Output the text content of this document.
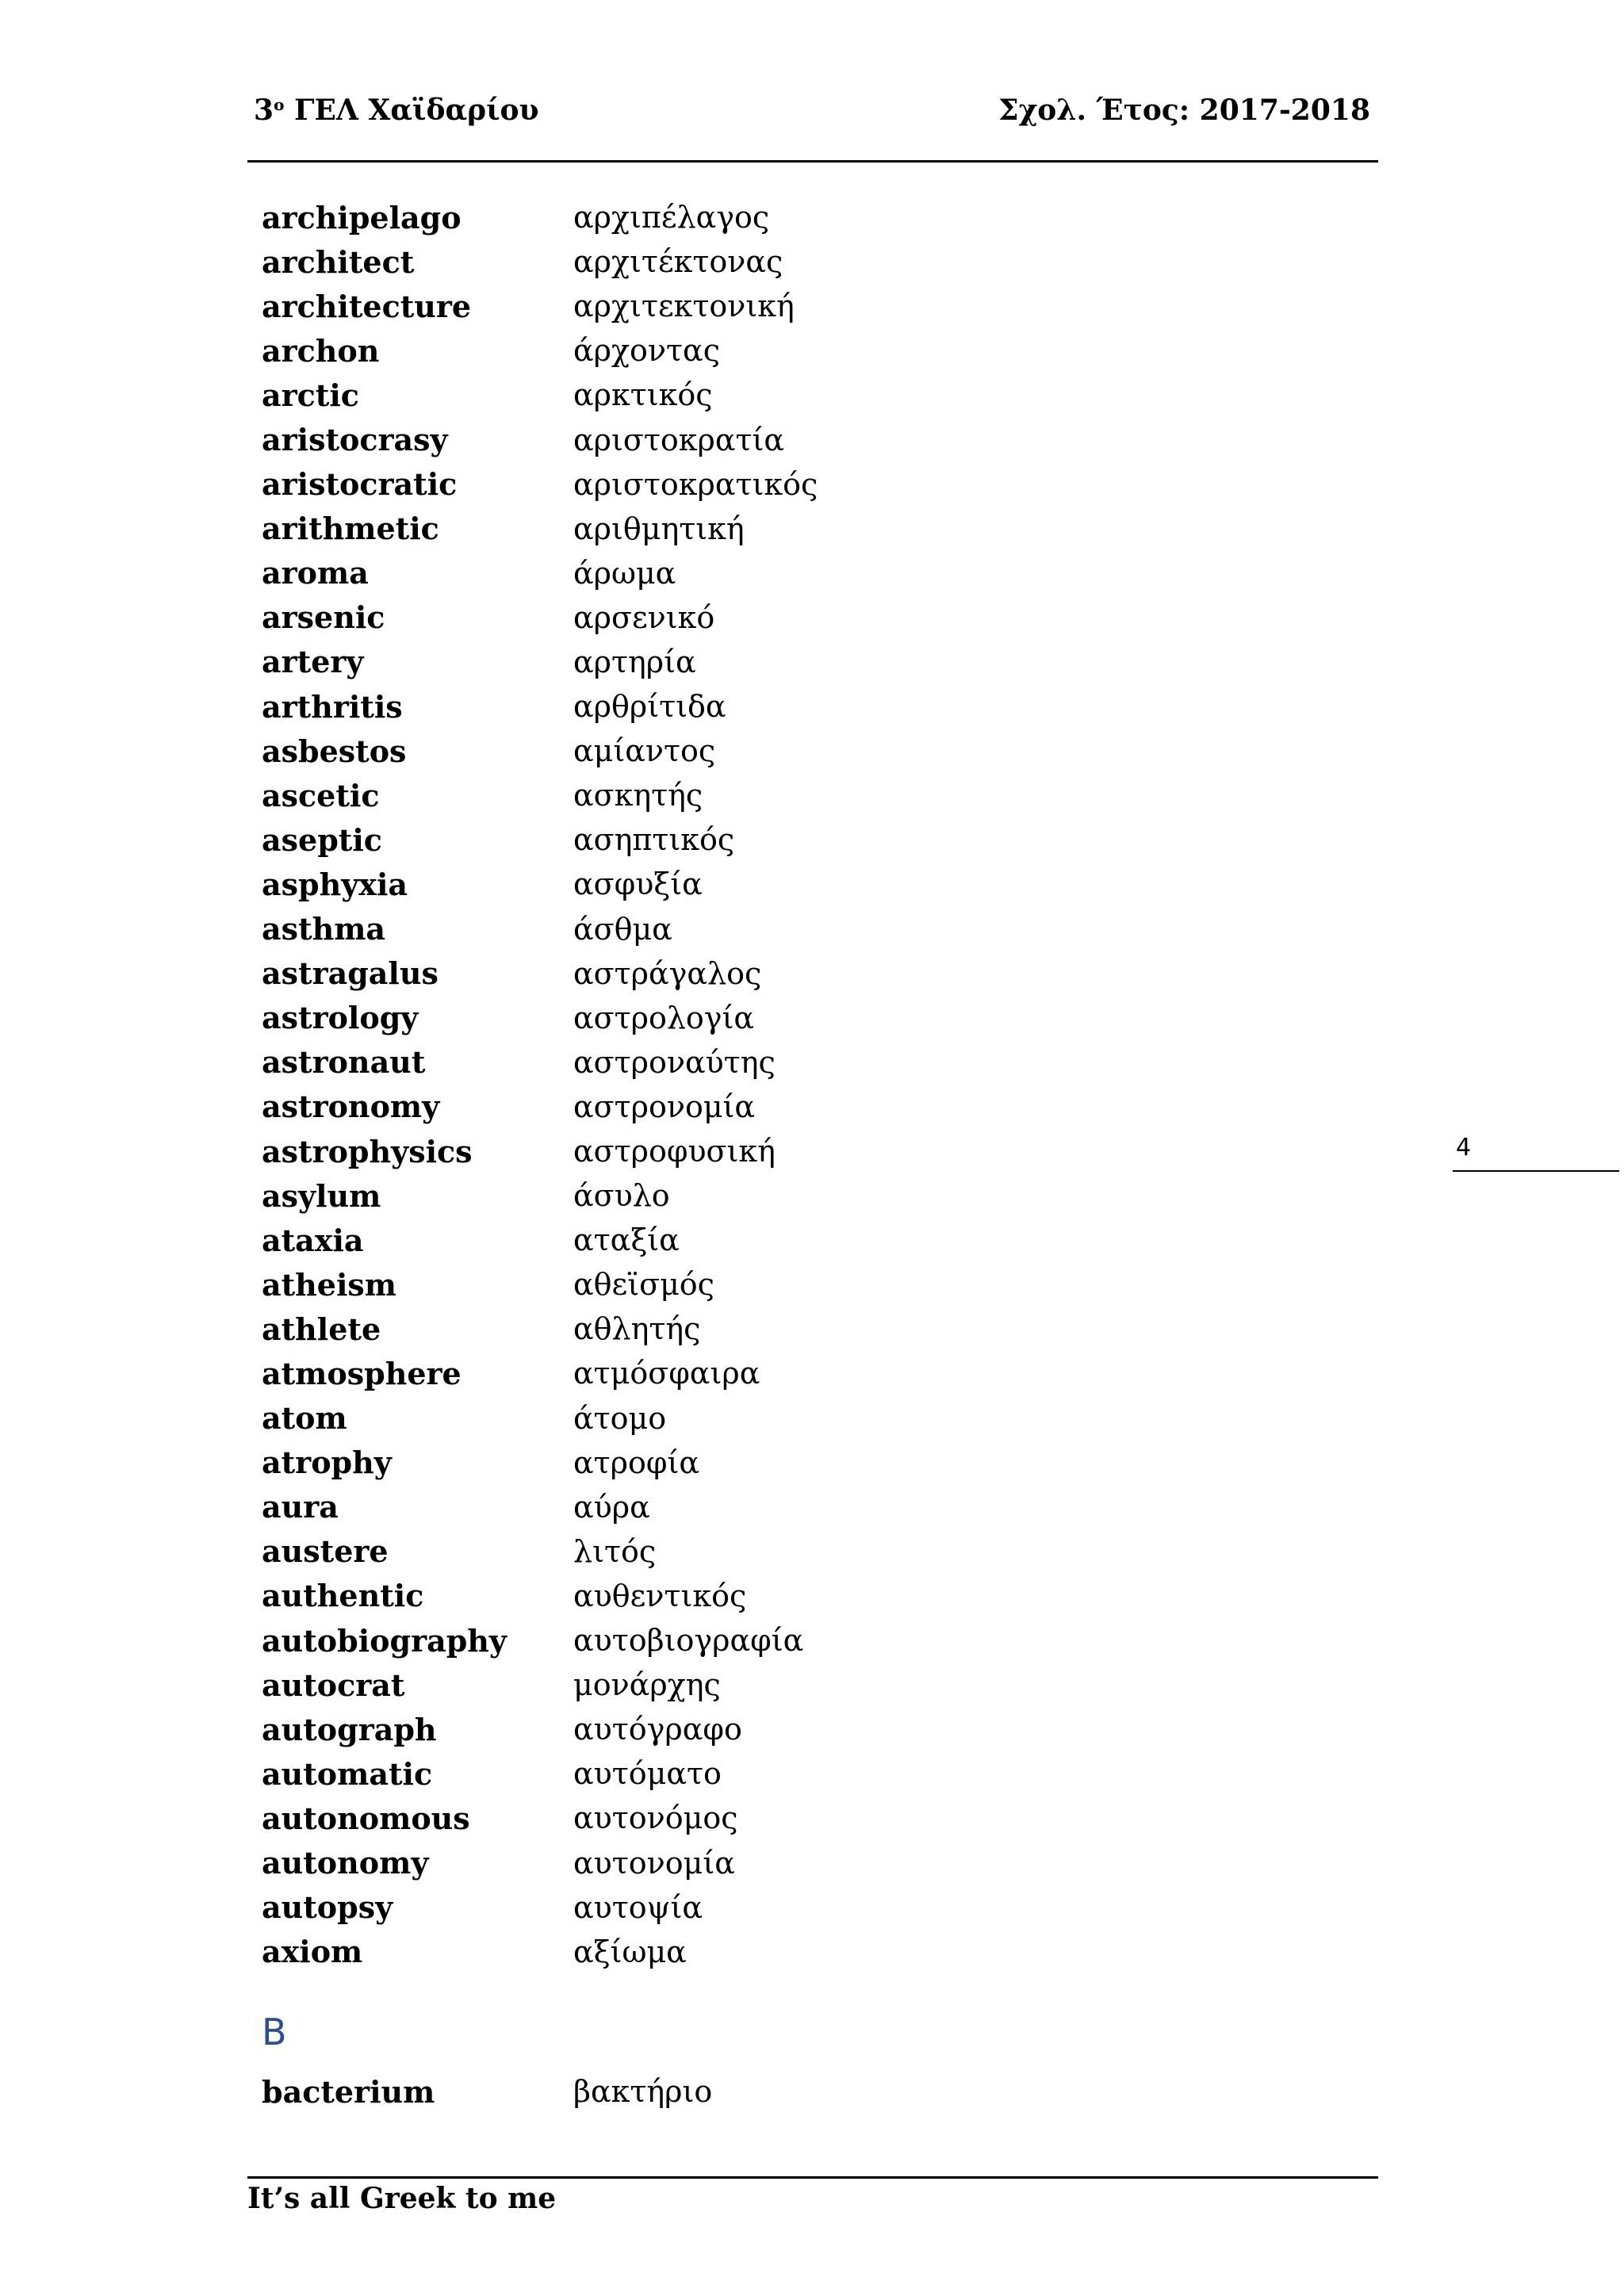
$3^o$ ΓΕΛ Χαϊδαρίου	Σχολ. Έτος: 2017-2018
archipelago	αρχιπέλαγος
architect	αρχιτέκτονας
architecture	αρχιτεκτονική
archon	άρχοντας
arctic	αρκτικός
aristocrasy	αριστοκρατία
aristocratic	αριστοκρατικός
arithmetic	αριθμητική
aroma	άρωμα
arsenic	αρσενικό
artery	αρτηρία
arthritis	αρθρίτιδα
asbestos	αμίαντος
ascetic	ασκητής
aseptic	ασηπτικός
asphyxia	ασφυξία
asthma	άσθμα
astragalus	αστράγαλος
astrology	αστρολογία
astronaut	αστροναύτης
astronomy	αστρονομία
astrophysics	αστροφυσική
asylum	άσυλο
ataxia	αταξία
atheism	αθεϊσμός
athlete	αθλητής
atmosphere	ατμόσφαιρα
atom	άτομο
atrophy	ατροφία
aura	αύρα
austere	λιτός
authentic	αυθεντικός
autobiography	αυτοβιογραφία
autocrat	μονάρχης
autograph	αυτόγραφο
automatic	αυτόματο
autonomous	αυτονόμος
autonomy	αυτονομία
autopsy	αυτοψία
axiom	αξίωμα
B
bacterium	βακτήριο
4
It’s all Greek to me
